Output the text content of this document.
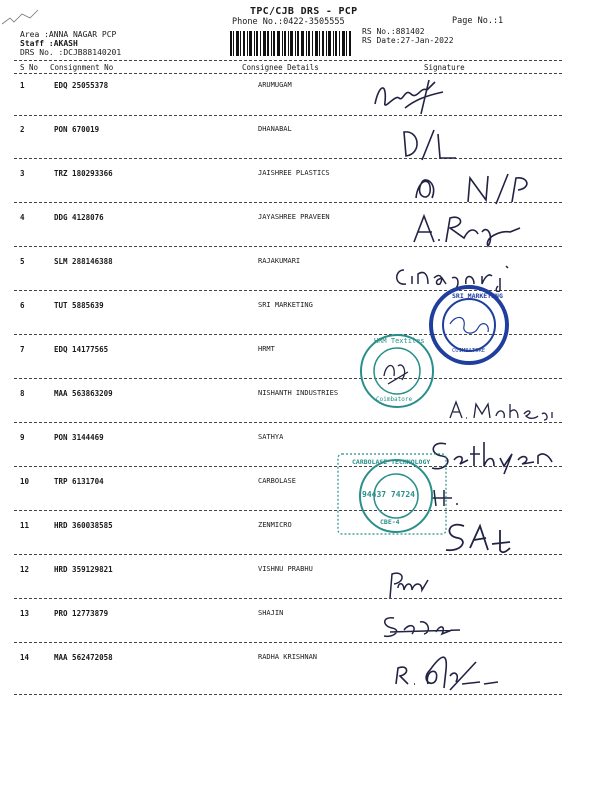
TPC/CJB DRS - PCP
Phone No.:0422-3505555	Page No.:1
Area :ANNA NAGAR PCP
Staff :AKASH
DRS No. :DCJB88140201
RS No.:881402
RS Date:27-Jan-2022
S No Consignment No	Consignee Details	Signature
1	EDQ 25055378	ARUMUGAM
2	PON 670019	DHANABAL
3	TRZ 180293366	JAISHREE PLASTICS
4	DDG 4128076	JAYASHREE PRAVEEN
5	SLM 288146388	RAJAKUMARI
6	TUT 5885639	SRI MARKETING
7	EDQ 14177565	HRMT
8	MAA 563863209	NISHANTH INDUSTRIES
9	PON 3144469	SATHYA
10	TRP 6131704	CARBOLASE
11	HRD 360038585	ZENMICRO
12	HRD 359129821	VISHNU PRABHU
13	PRO 12773879	SHAJIN
14	MAA 562472058	RADHA KRISHNAN
SRI MARKETING
COIMBATORE
HRM Textiles
Coimbatore
CARBOLASE TECHNOLOGY
94437 74724
CBE-4
